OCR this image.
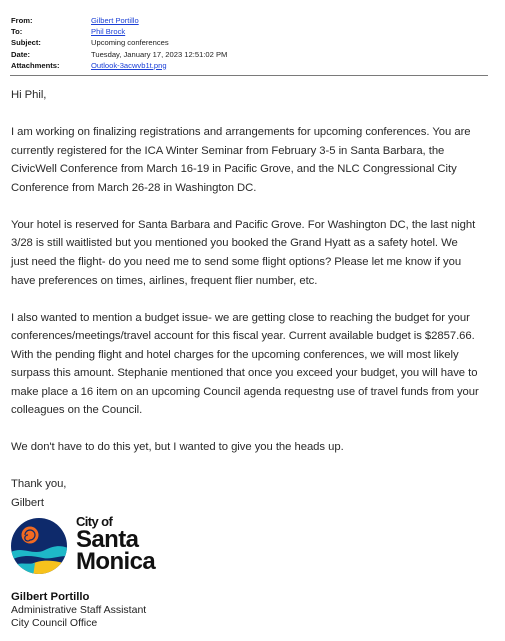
From:	Gilbert Portillo
To:	Phil Brock
Subject:	Upcoming conferences
Date:	Tuesday, January 17, 2023 12:51:02 PM
Attachments:	Outlook-3acwvb1t.png

Hi Phil,

I am working on finalizing registrations and arrangements for upcoming conferences. You are
currently registered for the ICA Winter Seminar from February 3-5 in Santa Barbara, the
CivicWell Conference from March 16-19 in Pacific Grove, and the NLC Congressional City
Conference from March 26-28 in Washington DC.

Your hotel is reserved for Santa Barbara and Pacific Grove. For Washington DC, the last night
3/28 is still waitlisted but you mentioned you booked the Grand Hyatt as a safety hotel. We
just need the flight- do you need me to send some flight options? Please let me know if you
have preferences on times, airlines, frequent flier number, etc.

I also wanted to mention a budget issue- we are getting close to reaching the budget for your
conferences/meetings/travel account for this fiscal year. Current available budget is $2857.66.
With the pending flight and hotel charges for the upcoming conferences, we will most likely
surpass this amount. Stephanie mentioned that once you exceed your budget, you will have to
make place a 16 item on an upcoming Council agenda requestng use of travel funds from your
colleagues on the Council.

We don't have to do this yet, but I wanted to give you the heads up.

Thank you,
Gilbert

City of
Santa
Monica
Gilbert Portillo
Administrative Staff Assistant
City Council Office
